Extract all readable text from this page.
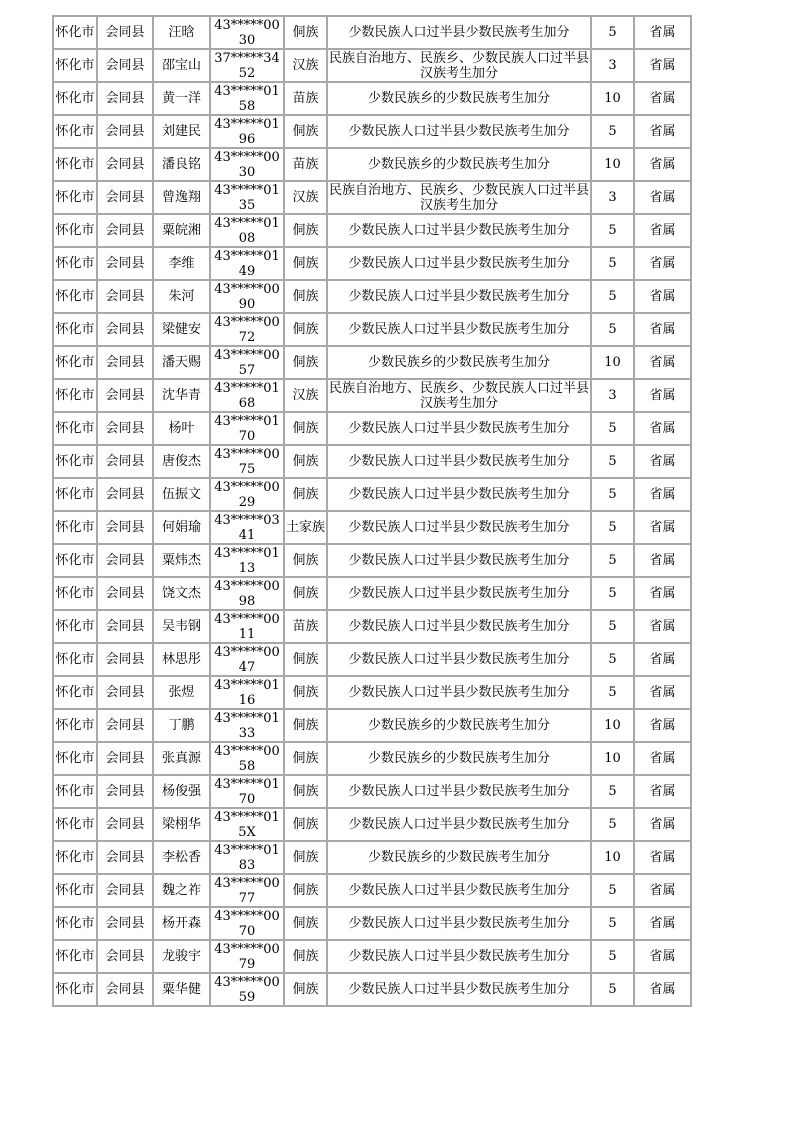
怀化市	会同县	汪晗	43*****0030	侗族	少数民族人口过半县少数民族考生加分	5	省属
怀化市	会同县	邵宝山	37*****3452	汉族	民族自治地方、民族乡、少数民族人口过半县汉族考生加分	3	省属
怀化市	会同县	黄一洋	43*****0158	苗族	少数民族乡的少数民族考生加分	10	省属
怀化市	会同县	刘建民	43*****0196	侗族	少数民族人口过半县少数民族考生加分	5	省属
怀化市	会同县	潘良铭	43*****0030	苗族	少数民族乡的少数民族考生加分	10	省属
怀化市	会同县	曾逸翔	43*****0135	汉族	民族自治地方、民族乡、少数民族人口过半县汉族考生加分	3	省属
怀化市	会同县	粟皖湘	43*****0108	侗族	少数民族人口过半县少数民族考生加分	5	省属
怀化市	会同县	李维	43*****0149	侗族	少数民族人口过半县少数民族考生加分	5	省属
怀化市	会同县	朱河	43*****0090	侗族	少数民族人口过半县少数民族考生加分	5	省属
怀化市	会同县	梁健安	43*****0072	侗族	少数民族人口过半县少数民族考生加分	5	省属
怀化市	会同县	潘天赐	43*****0057	侗族	少数民族乡的少数民族考生加分	10	省属
怀化市	会同县	沈华青	43*****0168	汉族	民族自治地方、民族乡、少数民族人口过半县汉族考生加分	3	省属
怀化市	会同县	杨叶	43*****0170	侗族	少数民族人口过半县少数民族考生加分	5	省属
怀化市	会同县	唐俊杰	43*****0075	侗族	少数民族人口过半县少数民族考生加分	5	省属
怀化市	会同县	伍振文	43*****0029	侗族	少数民族人口过半县少数民族考生加分	5	省属
怀化市	会同县	何娟瑜	43*****0341	土家族	少数民族人口过半县少数民族考生加分	5	省属
怀化市	会同县	粟炜杰	43*****0113	侗族	少数民族人口过半县少数民族考生加分	5	省属
怀化市	会同县	饶文杰	43*****0098	侗族	少数民族人口过半县少数民族考生加分	5	省属
怀化市	会同县	吴韦钢	43*****0011	苗族	少数民族人口过半县少数民族考生加分	5	省属
怀化市	会同县	林思彤	43*****0047	侗族	少数民族人口过半县少数民族考生加分	5	省属
怀化市	会同县	张煜	43*****0116	侗族	少数民族人口过半县少数民族考生加分	5	省属
怀化市	会同县	丁鹏	43*****0133	侗族	少数民族乡的少数民族考生加分	10	省属
怀化市	会同县	张真源	43*****0058	侗族	少数民族乡的少数民族考生加分	10	省属
怀化市	会同县	杨俊强	43*****0170	侗族	少数民族人口过半县少数民族考生加分	5	省属
怀化市	会同县	梁栩华	43*****015X	侗族	少数民族人口过半县少数民族考生加分	5	省属
怀化市	会同县	李松香	43*****0183	侗族	少数民族乡的少数民族考生加分	10	省属
怀化市	会同县	魏之祚	43*****0077	侗族	少数民族人口过半县少数民族考生加分	5	省属
怀化市	会同县	杨开森	43*****0070	侗族	少数民族人口过半县少数民族考生加分	5	省属
怀化市	会同县	龙骏宇	43*****0079	侗族	少数民族人口过半县少数民族考生加分	5	省属
怀化市	会同县	粟华健	43*****0059	侗族	少数民族人口过半县少数民族考生加分	5	省属
